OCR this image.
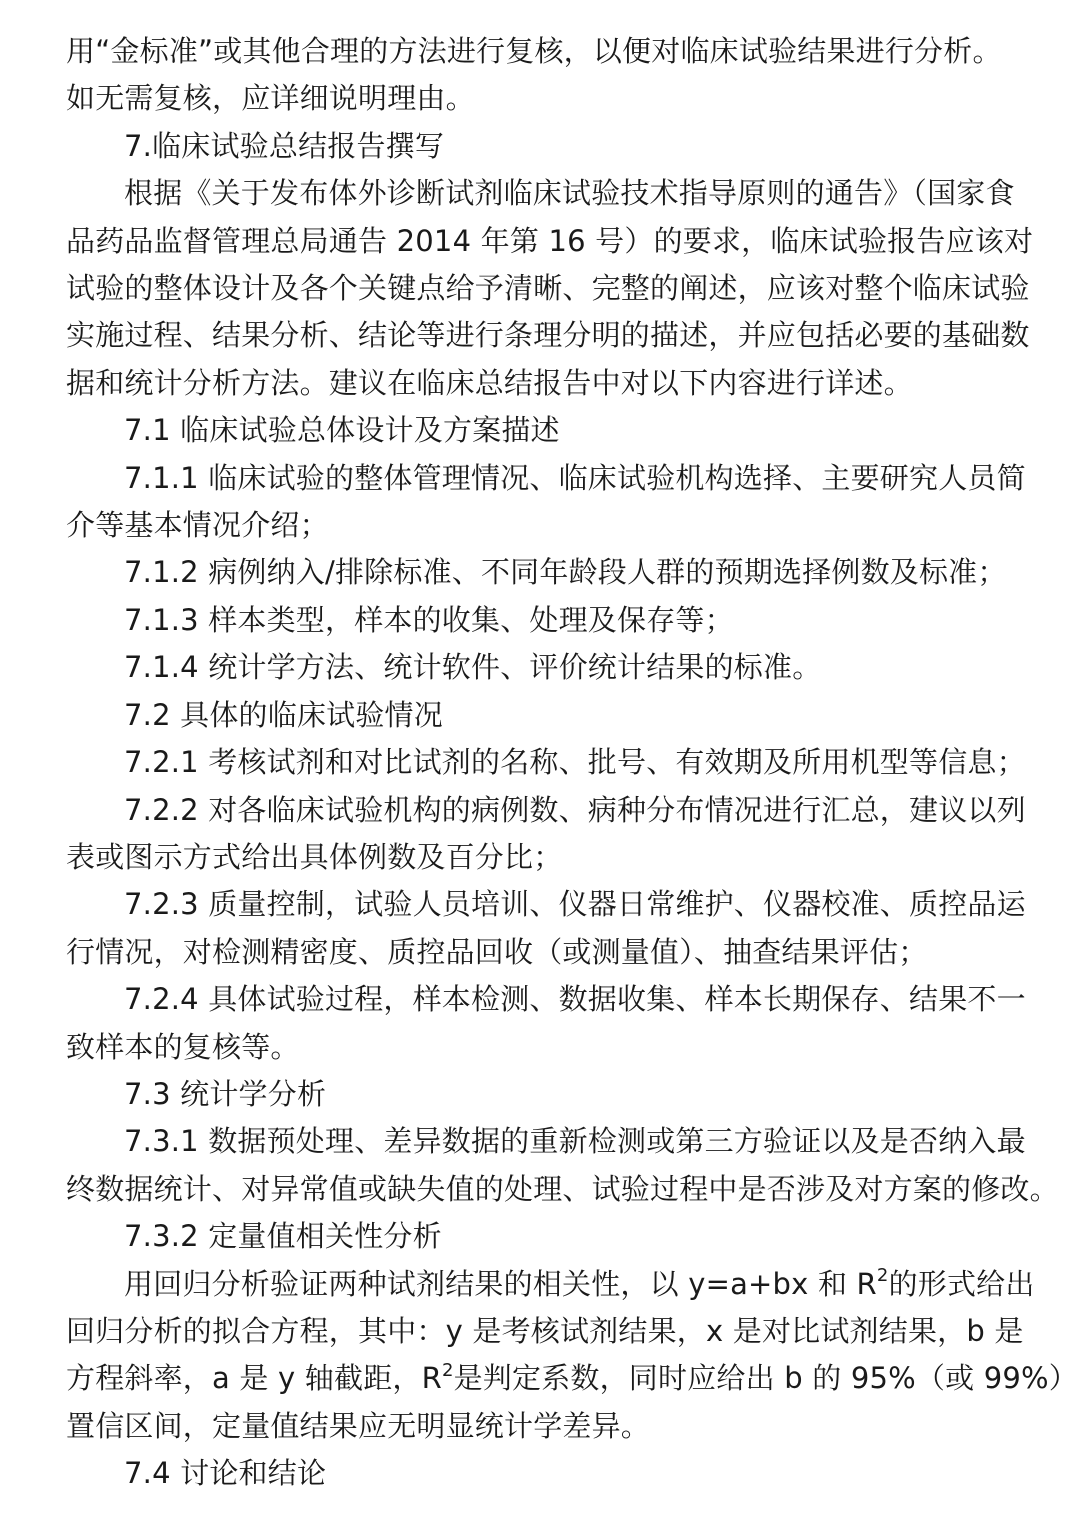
用“金标准”或其他合理的方法进行复核，以便对临床试验结果进行分析。
如无需复核，应详细说明理由。
7.临床试验总结报告撰写
根据《关于发布体外诊断试剂临床试验技术指导原则的通告》（国家食
品药品监督管理总局通告 2014 年第 16 号）的要求，临床试验报告应该对
试验的整体设计及各个关键点给予清晰、完整的阐述，应该对整个临床试验
实施过程、结果分析、结论等进行条理分明的描述，并应包括必要的基础数
据和统计分析方法。建议在临床总结报告中对以下内容进行详述。
7.1 临床试验总体设计及方案描述
7.1.1 临床试验的整体管理情况、临床试验机构选择、主要研究人员简
介等基本情况介绍；
7.1.2 病例纳入/排除标准、不同年龄段人群的预期选择例数及标准；
7.1.3 样本类型，样本的收集、处理及保存等；
7.1.4 统计学方法、统计软件、评价统计结果的标准。
7.2 具体的临床试验情况
7.2.1 考核试剂和对比试剂的名称、批号、有效期及所用机型等信息；
7.2.2 对各临床试验机构的病例数、病种分布情况进行汇总，建议以列
表或图示方式给出具体例数及百分比；
7.2.3 质量控制，试验人员培训、仪器日常维护、仪器校准、质控品运
行情况，对检测精密度、质控品回收（或测量值）、抽查结果评估；
7.2.4 具体试验过程，样本检测、数据收集、样本长期保存、结果不一
致样本的复核等。
7.3 统计学分析
7.3.1 数据预处理、差异数据的重新检测或第三方验证以及是否纳入最
终数据统计、对异常值或缺失值的处理、试验过程中是否涉及对方案的修改。
7.3.2 定量值相关性分析
用回归分析验证两种试剂结果的相关性，以 y=a+bx 和 $R^2$的形式给出
回归分析的拟合方程，其中：y 是考核试剂结果，x 是对比试剂结果，b 是
方程斜率，a 是 y 轴截距，$R^2$是判定系数，同时应给出 b 的 95%（或 99%）
置信区间，定量值结果应无明显统计学差异。
7.4 讨论和结论
